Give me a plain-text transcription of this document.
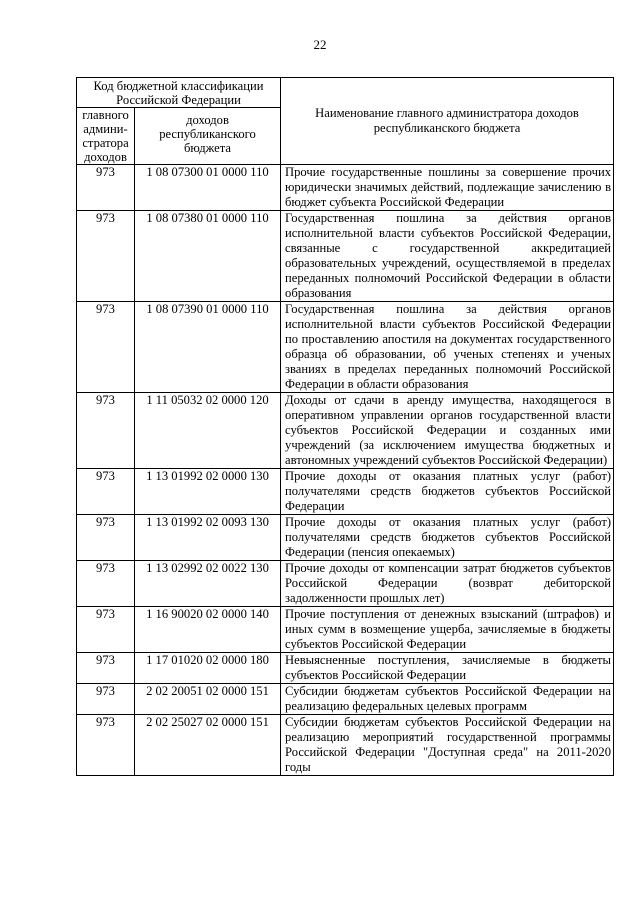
22
Код бюджетной классификации Российской Федерации		Наименование главного администратора доходов республиканского бюджета
главного админи-стратора доходов	доходов республиканского бюджета	
973	1 08 07300 01 0000 110	Прочие государственные пошлины за совершение прочих юридически значимых действий, подлежащие зачислению в бюджет субъекта Российской Федерации
973	1 08 07380 01 0000 110	Государственная пошлина за действия органов исполнительной власти субъектов Российской Федерации, связанные с государственной аккредитацией образовательных учреждений, осуществляемой в пределах переданных полномочий Российской Федерации в области образования
973	1 08 07390 01 0000 110	Государственная пошлина за действия органов исполнительной власти субъектов Российской Федерации по проставлению апостиля на документах государственного образца об образовании, об ученых степенях и ученых званиях в пределах переданных полномочий Российской Федерации в области образования
973	1 11 05032 02 0000 120	Доходы от сдачи в аренду имущества, находящегося в оперативном управлении органов государственной власти субъектов Российской Федерации и созданных ими учреждений (за исключением имущества бюджетных и автономных учреждений субъектов Российской Федерации)
973	1 13 01992 02 0000 130	Прочие доходы от оказания платных услуг (работ) получателями средств бюджетов субъектов Российской Федерации
973	1 13 01992 02 0093 130	Прочие доходы от оказания платных услуг (работ) получателями средств бюджетов субъектов Российской Федерации (пенсия опекаемых)
973	1 13 02992 02 0022 130	Прочие доходы от компенсации затрат бюджетов субъектов Российской Федерации (возврат дебиторской задолженности прошлых лет)
973	1 16 90020 02 0000 140	Прочие поступления от денежных взысканий (штрафов) и иных сумм в возмещение ущерба, зачисляемые в бюджеты субъектов Российской Федерации
973	1 17 01020 02 0000 180	Невыясненные поступления, зачисляемые в бюджеты субъектов Российской Федерации
973	2 02 20051 02 0000 151	Субсидии бюджетам субъектов Российской Федерации на реализацию федеральных целевых программ
973	2 02 25027 02 0000 151	Субсидии бюджетам субъектов Российской Федерации на реализацию мероприятий государственной программы Российской Федерации "Доступная среда" на 2011-2020 годы
